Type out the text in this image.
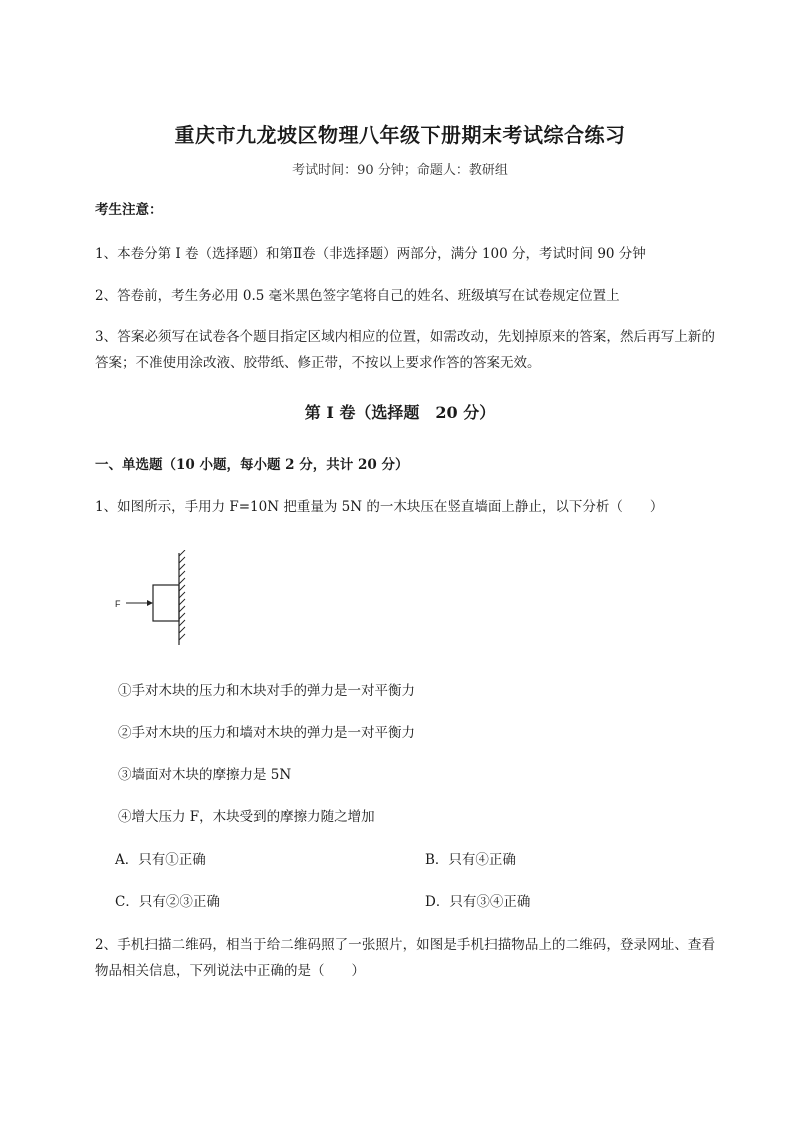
重庆市九龙坡区物理八年级下册期末考试综合练习
考试时间：90 分钟；命题人：教研组
考生注意：
1、本卷分第 I 卷（选择题）和第Ⅱ卷（非选择题）两部分，满分 100 分，考试时间 90 分钟
2、答卷前，考生务必用 0.5 毫米黑色签字笔将自己的姓名、班级填写在试卷规定位置上
3、答案必须写在试卷各个题目指定区域内相应的位置，如需改动，先划掉原来的答案，然后再写上新的答案；不准使用涂改液、胶带纸、修正带，不按以上要求作答的答案无效。
第 I 卷（选择题　20 分）
一、单选题（10 小题，每小题 2 分，共计 20 分）
1、如图所示，手用力 F=10N 把重量为 5N 的一木块压在竖直墙面上静止，以下分析（　　）
F
①手对木块的压力和木块对手的弹力是一对平衡力
②手对木块的压力和墙对木块的弹力是一对平衡力
③墙面对木块的摩擦力是 5N
④增大压力 F，木块受到的摩擦力随之增加
A．只有①正确	B．只有④正确
C．只有②③正确	D．只有③④正确
2、手机扫描二维码，相当于给二维码照了一张照片，如图是手机扫描物品上的二维码，登录网址、查看物品相关信息，下列说法中正确的是（　　）
